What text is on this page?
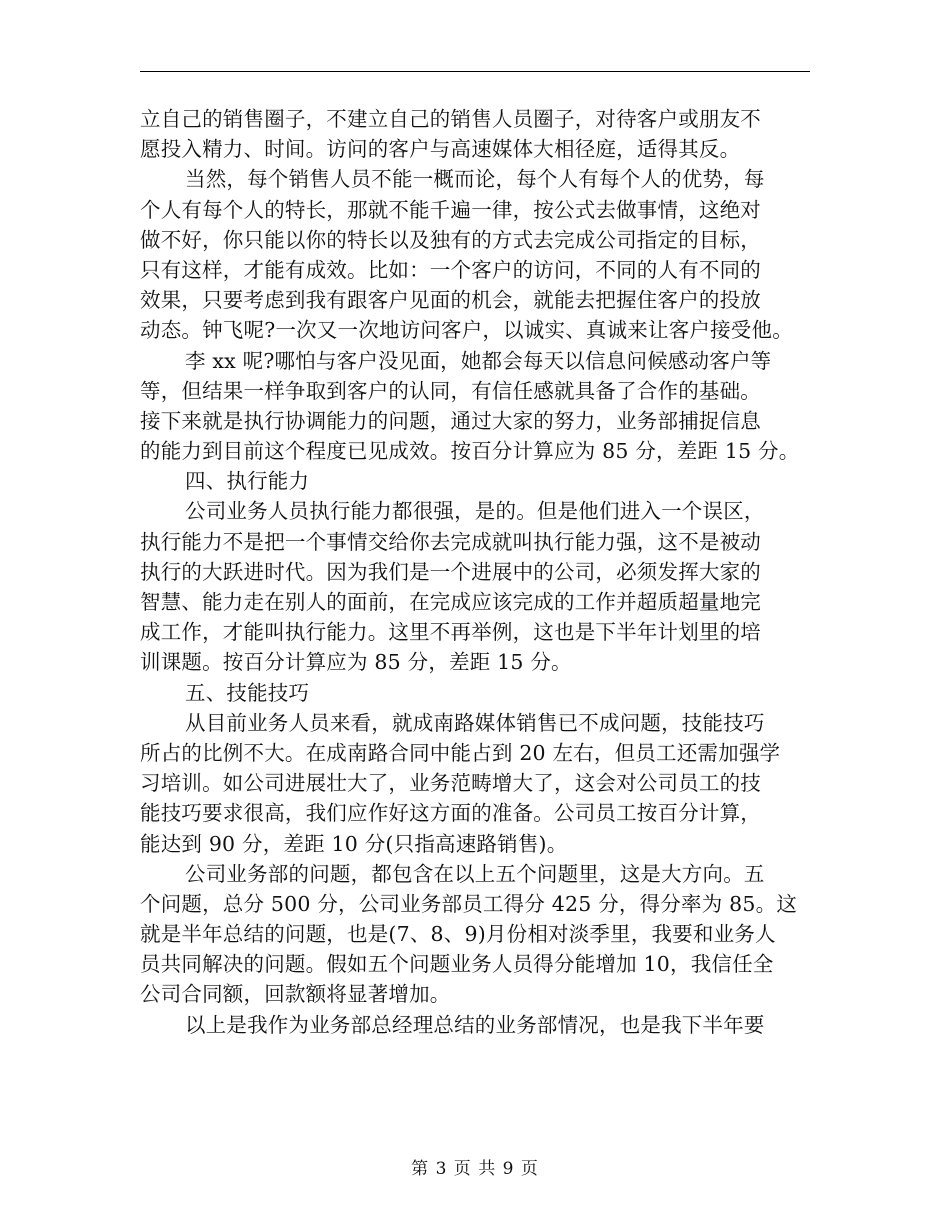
立自己的销售圈子，不建立自己的销售人员圈子，对待客户或朋友不
愿投入精力、时间。访问的客户与高速媒体大相径庭，适得其反。
当然，每个销售人员不能一概而论，每个人有每个人的优势，每
个人有每个人的特长，那就不能千遍一律，按公式去做事情，这绝对
做不好，你只能以你的特长以及独有的方式去完成公司指定的目标，
只有这样，才能有成效。比如：一个客户的访问，不同的人有不同的
效果，只要考虑到我有跟客户见面的机会，就能去把握住客户的投放
动态。钟飞呢?一次又一次地访问客户，以诚实、真诚来让客户接受他。
李 xx 呢?哪怕与客户没见面，她都会每天以信息问候感动客户等
等，但结果一样争取到客户的认同，有信任感就具备了合作的基础。
接下来就是执行协调能力的问题，通过大家的努力，业务部捕捉信息
的能力到目前这个程度已见成效。按百分计算应为 85 分，差距 15 分。
四、执行能力
公司业务人员执行能力都很强，是的。但是他们进入一个误区，
执行能力不是把一个事情交给你去完成就叫执行能力强，这不是被动
执行的大跃进时代。因为我们是一个进展中的公司，必须发挥大家的
智慧、能力走在别人的面前，在完成应该完成的工作并超质超量地完
成工作，才能叫执行能力。这里不再举例，这也是下半年计划里的培
训课题。按百分计算应为 85 分，差距 15 分。
五、技能技巧
从目前业务人员来看，就成南路媒体销售已不成问题，技能技巧
所占的比例不大。在成南路合同中能占到 20 左右，但员工还需加强学
习培训。如公司进展壮大了，业务范畴增大了，这会对公司员工的技
能技巧要求很高，我们应作好这方面的准备。公司员工按百分计算，
能达到 90 分，差距 10 分(只指高速路销售)。
公司业务部的问题，都包含在以上五个问题里，这是大方向。五
个问题，总分 500 分，公司业务部员工得分 425 分，得分率为 85。这
就是半年总结的问题，也是(7、8、9)月份相对淡季里，我要和业务人
员共同解决的问题。假如五个问题业务人员得分能增加 10，我信任全
公司合同额，回款额将显著增加。
以上是我作为业务部总经理总结的业务部情况，也是我下半年要
第 3 页 共 9 页
